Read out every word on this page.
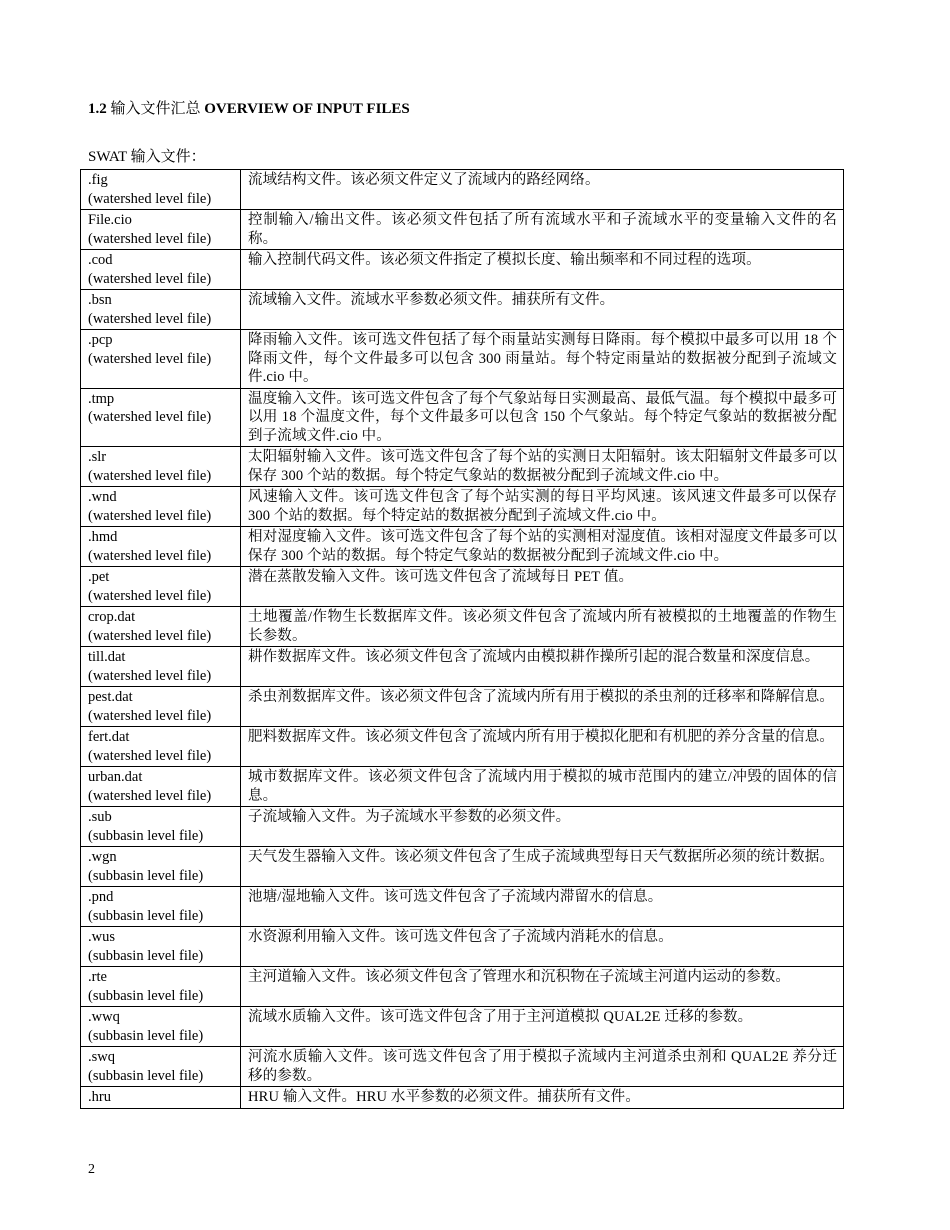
1.2 输入文件汇总 OVERVIEW OF INPUT FILES
SWAT 输入文件：
.fig
(watershed level file)	流域结构文件。该必须文件定义了流域内的路经网络。

File.cio
(watershed level file)	控制输入/输出文件。该必须文件包括了所有流域水平和子流域水平的变量输入文件的名称。

.cod
(watershed level file)	输入控制代码文件。该必须文件指定了模拟长度、输出频率和不同过程的选项。

.bsn
(watershed level file)	流域输入文件。流域水平参数必须文件。捕获所有文件。

.pcp
(watershed level file)	降雨输入文件。该可选文件包括了每个雨量站实测每日降雨。每个模拟中最多可以用 18 个降雨文件，每个文件最多可以包含 300 雨量站。每个特定雨量站的数据被分配到子流域文件.cio 中。

.tmp
(watershed level file)	温度输入文件。该可选文件包含了每个气象站每日实测最高、最低气温。每个模拟中最多可以用 18 个温度文件，每个文件最多可以包含 150 个气象站。每个特定气象站的数据被分配到子流域文件.cio 中。

.slr
(watershed level file)	太阳辐射输入文件。该可选文件包含了每个站的实测日太阳辐射。该太阳辐射文件最多可以保存 300 个站的数据。每个特定气象站的数据被分配到子流域文件.cio 中。

.wnd
(watershed level file)	风速输入文件。该可选文件包含了每个站实测的每日平均风速。该风速文件最多可以保存 300 个站的数据。每个特定站的数据被分配到子流域文件.cio 中。

.hmd
(watershed level file)	相对湿度输入文件。该可选文件包含了每个站的实测相对湿度值。该相对湿度文件最多可以保存 300 个站的数据。每个特定气象站的数据被分配到子流域文件.cio 中。

.pet
(watershed level file)	潜在蒸散发输入文件。该可选文件包含了流域每日 PET 值。

crop.dat
(watershed level file)	土地覆盖/作物生长数据库文件。该必须文件包含了流域内所有被模拟的土地覆盖的作物生长参数。

till.dat
(watershed level file)	耕作数据库文件。该必须文件包含了流域内由模拟耕作操所引起的混合数量和深度信息。

pest.dat
(watershed level file)	杀虫剂数据库文件。该必须文件包含了流域内所有用于模拟的杀虫剂的迁移率和降解信息。

fert.dat
(watershed level file)	肥料数据库文件。该必须文件包含了流域内所有用于模拟化肥和有机肥的养分含量的信息。

urban.dat
(watershed level file)	城市数据库文件。该必须文件包含了流域内用于模拟的城市范围内的建立/冲毁的固体的信息。

.sub
(subbasin level file)	子流域输入文件。为子流域水平参数的必须文件。

.wgn
(subbasin level file)	天气发生器输入文件。该必须文件包含了生成子流域典型每日天气数据所必须的统计数据。

.pnd
(subbasin level file)	池塘/湿地输入文件。该可选文件包含了子流域内滞留水的信息。

.wus
(subbasin level file)	水资源利用输入文件。该可选文件包含了子流域内消耗水的信息。

.rte
(subbasin level file)	主河道输入文件。该必须文件包含了管理水和沉积物在子流域主河道内运动的参数。

.wwq
(subbasin level file)	流域水质输入文件。该可选文件包含了用于主河道模拟 QUAL2E 迁移的参数。

.swq
(subbasin level file)	河流水质输入文件。该可选文件包含了用于模拟子流域内主河道杀虫剂和 QUAL2E 养分迁移的参数。

.hru	HRU 输入文件。HRU 水平参数的必须文件。捕获所有文件。
2
